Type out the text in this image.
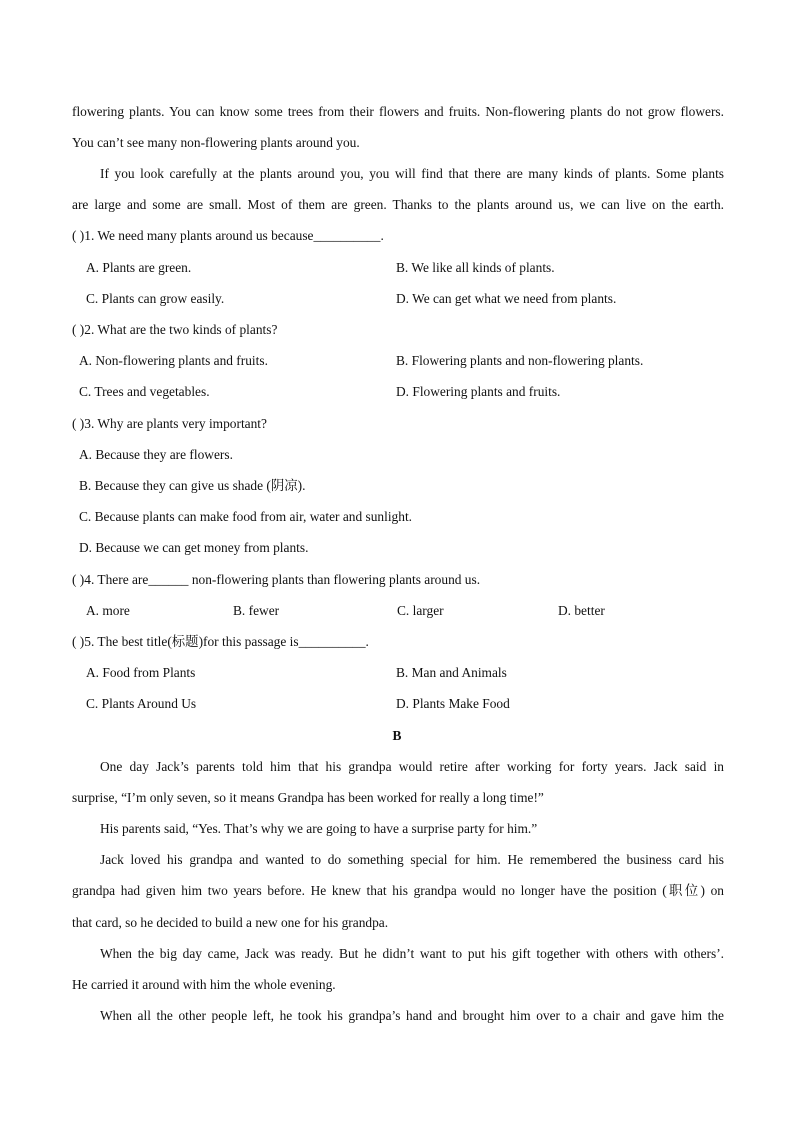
flowering plants. You can know some trees from their flowers and fruits. Non-flowering plants do not grow flowers.
You can’t see many non-flowering plants around you.
If you look carefully at the plants around you, you will find that there are many kinds of plants. Some plants
are large and some are small. Most of them are green. Thanks to the plants around us, we can live on the earth.
( )1. We need many plants around us because__________.
A. Plants are green.	B. We like all kinds of plants.
C. Plants can grow easily.	D. We can get what we need from plants.
( )2. What are the two kinds of plants?
A. Non-flowering plants and fruits.	B. Flowering plants and non-flowering plants.
C. Trees and vegetables.	D. Flowering plants and fruits.
( )3. Why are plants very important?
A. Because they are flowers.
B. Because they can give us shade (阴凉).
C. Because plants can make food from air, water and sunlight.
D. Because we can get money from plants.
( )4. There are______ non-flowering plants than flowering plants around us.
A. more	B. fewer	C. larger	D. better
( )5. The best title(标题)for this passage is__________.
A. Food from Plants	B. Man and Animals
C. Plants Around Us	D. Plants Make Food
B
One day Jack’s parents told him that his grandpa would retire after working for forty years. Jack said in
surprise, “I’m only seven, so it means Grandpa has been worked for really a long time!”
His parents said, “Yes. That’s why we are going to have a surprise party for him.”
Jack loved his grandpa and wanted to do something special for him. He remembered the business card his
grandpa had given him two years before. He knew that his grandpa would no longer have the position (职位) on
that card, so he decided to build a new one for his grandpa.
When the big day came, Jack was ready. But he didn’t want to put his gift together with others with others’.
He carried it around with him the whole evening.
When all the other people left, he took his grandpa’s hand and brought him over to a chair and gave him the
